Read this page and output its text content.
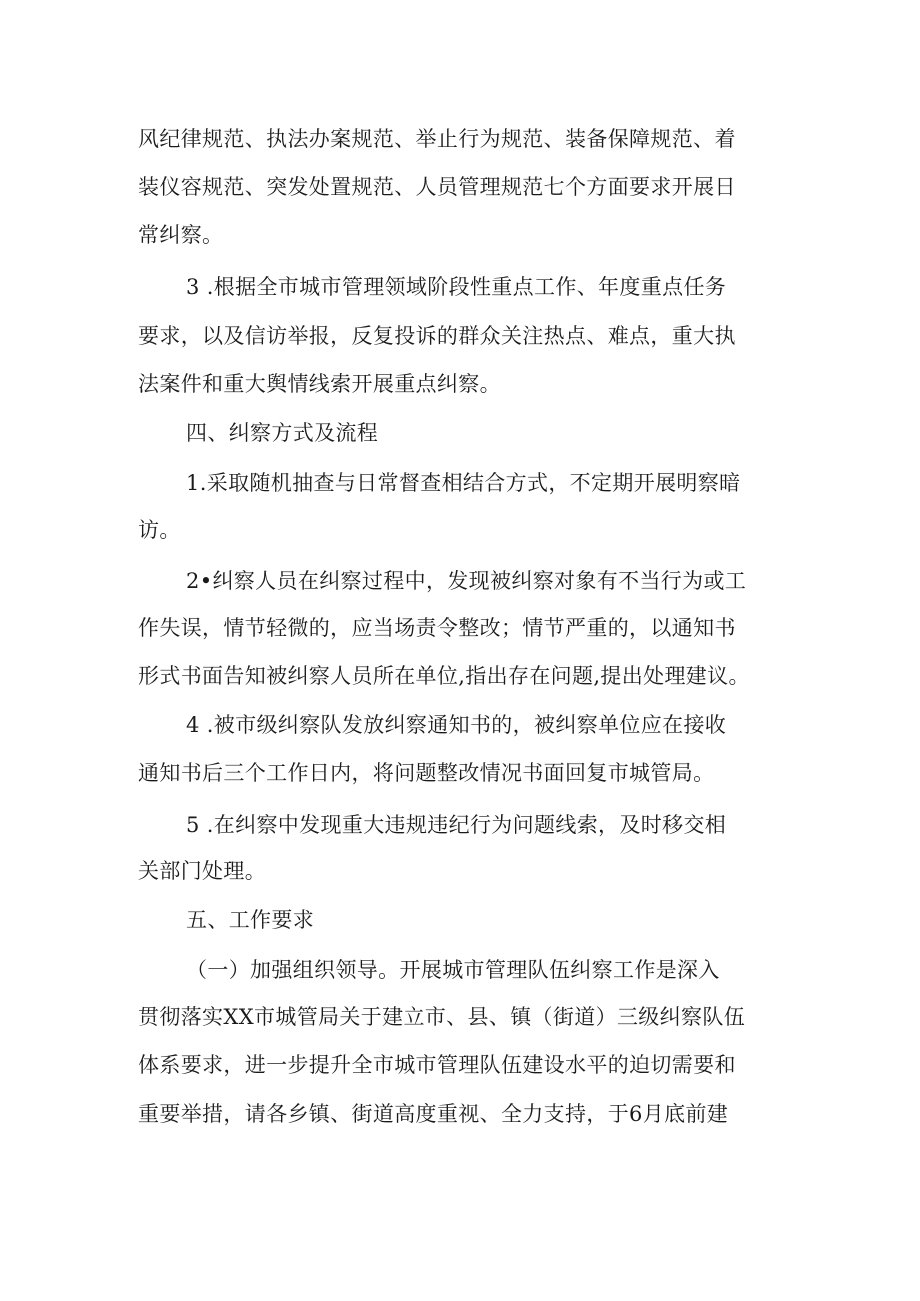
风纪律规范、执法办案规范、举止行为规范、装备保障规范、着
装仪容规范、突发处置规范、人员管理规范七个方面要求开展日
常纠察。
3 .根据全市城市管理领域阶段性重点工作、年度重点任务
要求，以及信访举报，反复投诉的群众关注热点、难点，重大执
法案件和重大舆情线索开展重点纠察。
四、纠察方式及流程
1.采取随机抽查与日常督查相结合方式，不定期开展明察暗
访。
2•纠察人员在纠察过程中，发现被纠察对象有不当行为或工
作失误，情节轻微的，应当场责令整改；情节严重的，以通知书
形式书面告知被纠察人员所在单位,指出存在问题,提出处理建议。
4 .被市级纠察队发放纠察通知书的，被纠察单位应在接收
通知书后三个工作日内，将问题整改情况书面回复市城管局。
5 .在纠察中发现重大违规违纪行为问题线索，及时移交相
关部门处理。
五、工作要求
（一）加强组织领导。开展城市管理队伍纠察工作是深入
贯彻落实XX市城管局关于建立市、县、镇（街道）三级纠察队伍
体系要求，进一步提升全市城市管理队伍建设水平的迫切需要和
重要举措，请各乡镇、街道高度重视、全力支持，于6月底前建
